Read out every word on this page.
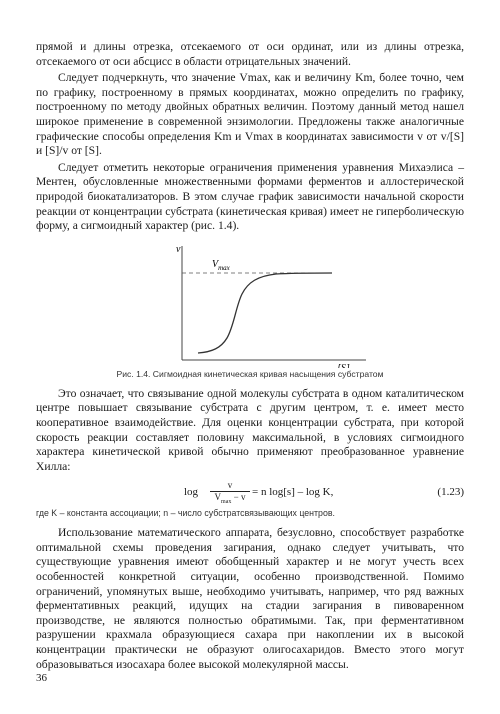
прямой и длины отрезка, отсекаемого от оси ординат, или из длины отрезка, отсекаемого от оси абсцисс в области отрицательных значений.

Следует подчеркнуть, что значение Vmax, как и величину Km, более точно, чем по графику, построенному в прямых координатах, можно определить по графику, построенному по методу двойных обратных величин. Поэтому данный метод нашел широкое применение в современной энзимологии. Предложены также аналогичные графические способы определения Km и Vmax в координатах зависимости v от v/[S] и [S]/v от [S].

Следует отметить некоторые ограничения применения уравнения Михаэлиса – Ментен, обусловленные множественными формами ферментов и аллостерической природой биокатализаторов. В этом случае график зависимости начальной скорости реакции от концентрации субстрата (кинетическая кривая) имеет не гиперболическую форму, а сигмоидный характер (рис. 1.4).

v
$V_{max}$
Рис. 1.4. Сигмоидная кинетическая кривая насыщения субстратом

Это означает, что связывание одной молекулы субстрата в одном каталитическом центре повышает связывание субстрата с другим центром, т. е. имеет место кооперативное взаимодействие. Для оценки концентрации субстрата, при которой скорость реакции составляет половину максимальной, в условиях сигмоидного характера кинетической кривой обычно применяют преобразованное уравнение Хилла:

log
v
$V_{max} - v = n$ log[s] – log K,	(1.23)
где K – константа ассоциации; n – число субстратсвязывающих центров.

Использование математического аппарата, безусловно, способствует разработке оптимальной схемы проведения загирания, однако следует учитывать, что существующие уравнения имеют обобщенный характер и не могут учесть всех особенностей конкретной ситуации, особенно производственной. Помимо ограничений, упомянутых выше, необходимо учитывать, например, что ряд важных ферментативных реакций, идущих на стадии загирания в пивоваренном производстве, не являются полностью обратимыми. Так, при ферментативном разрушении крахмала образующиеся сахара при накоплении их в высокой концентрации практически не образуют олигосахаридов. Вместо этого могут образовываться изосахара более высокой молекулярной массы.

36
